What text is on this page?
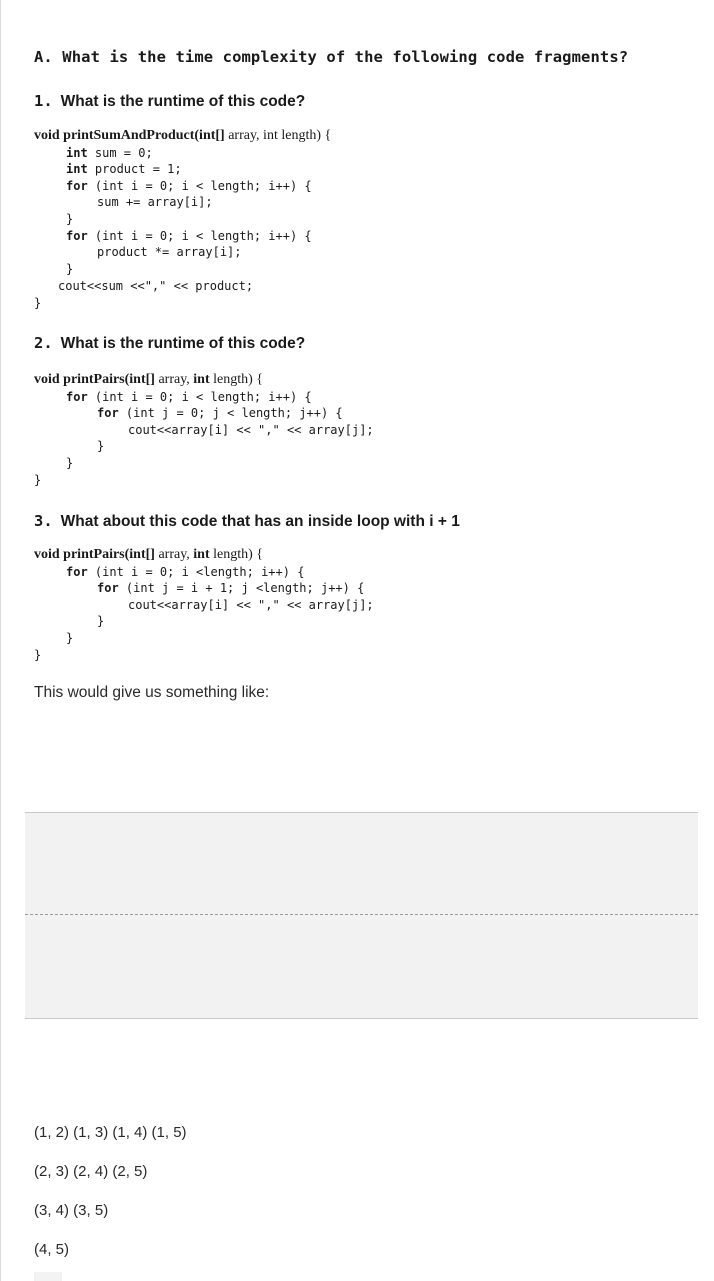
A. What is the time complexity of the following code fragments?

1. What is the runtime of this code?

void printSumAndProduct(int[] array, int length) {
int sum = 0;
int product = 1;
for (int i = 0; i < length; i++) {
sum += array[i];
}
for (int i = 0; i < length; i++) {
product *= array[i];
}
cout<<sum <<"," << product;
}

2. What is the runtime of this code?

void printPairs(int[] array, int length) {
for (int i = 0; i < length; i++) {
for (int j = 0; j < length; j++) {
cout<<array[i] << "," << array[j];
}
}
}

3. What about this code that has an inside loop with i + 1

void printPairs(int[] array, int length) {
for (int i = 0; i <length; i++) {
for (int j = i + 1; j <length; j++) {
cout<<array[i] << "," << array[j];
}
}
}

This would give us something like:

(1, 2) (1, 3) (1, 4) (1, 5)

(2, 3) (2, 4) (2, 5)

(3, 4) (3, 5)

(4, 5)
